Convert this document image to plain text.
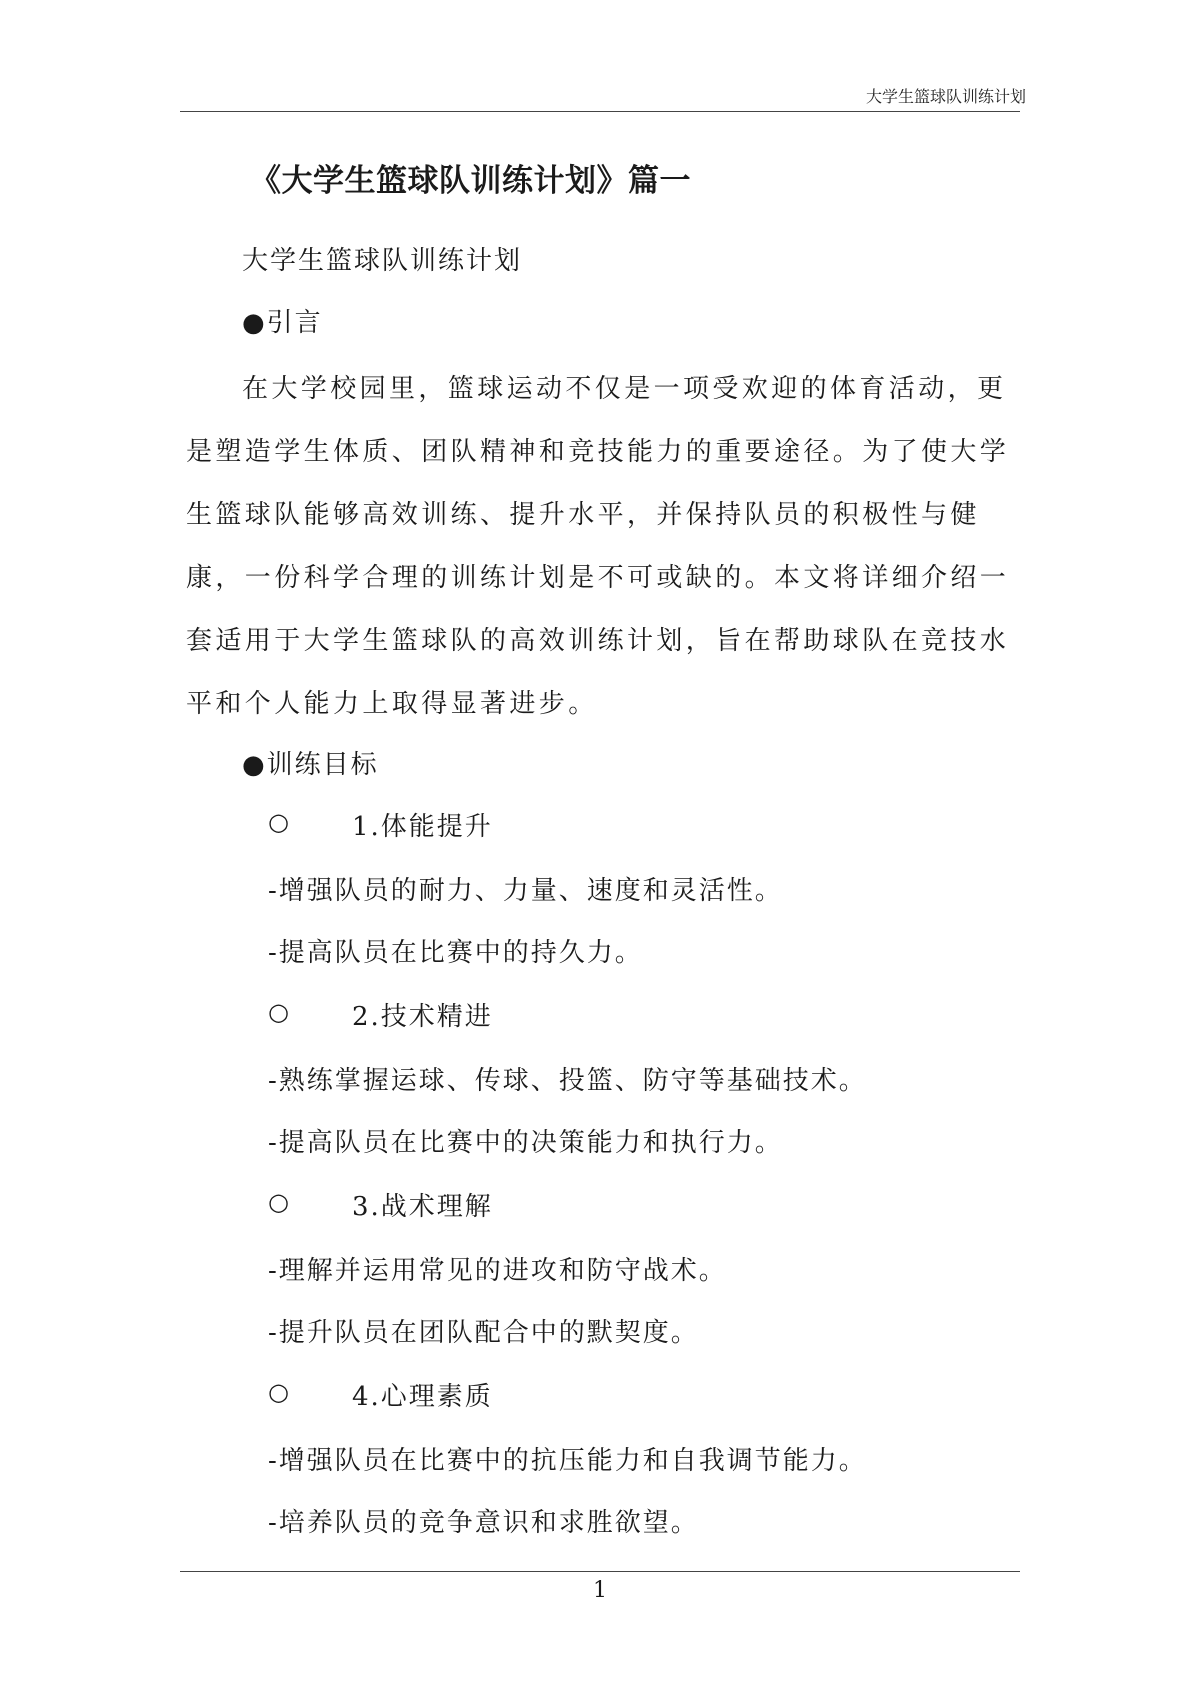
大学生篮球队训练计划
《大学生篮球队训练计划》篇一
大学生篮球队训练计划
●引言
在大学校园里，篮球运动不仅是一项受欢迎的体育活动，更是塑造学生体质、团队精神和竞技能力的重要途径。为了使大学生篮球队能够高效训练、提升水平，并保持队员的积极性与健康，一份科学合理的训练计划是不可或缺的。本文将详细介绍一套适用于大学生篮球队的高效训练计划，旨在帮助球队在竞技水平和个人能力上取得显著进步。
●训练目标
○ 1.体能提升
-增强队员的耐力、力量、速度和灵活性。
-提高队员在比赛中的持久力。
○ 2.技术精进
-熟练掌握运球、传球、投篮、防守等基础技术。
-提高队员在比赛中的决策能力和执行力。
○ 3.战术理解
-理解并运用常见的进攻和防守战术。
-提升队员在团队配合中的默契度。
○ 4.心理素质
-增强队员在比赛中的抗压能力和自我调节能力。
-培养队员的竞争意识和求胜欲望。
1
